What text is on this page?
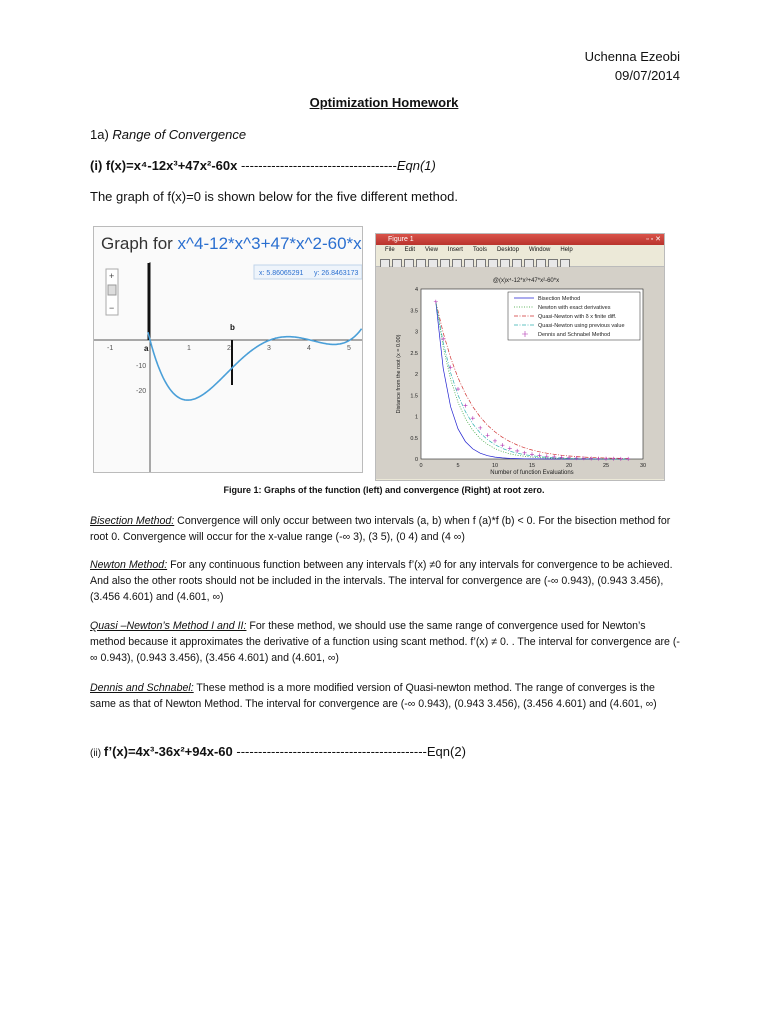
Uchenna Ezeobi
09/07/2014
Optimization Homework
1a) Range of Convergence
(i) f(x)=x⁴-12x³+47x²-60x ------------------------------------Eqn(1)
The graph of f(x)=0 is shown below for the five different method.
Graph for x^4-12*x^3+47*x^2-60*x
x: 5.86065291 y: 26.8463173
+
−
-1	1	2	3	4	5
-10
-20
a
b
Figure 1	▫ ▫ ✕
File Edit View Insert Tools Desktop Window Help
@(x)x⁴-12*x³+47*x²-60*x
0
0.5
1
1.5
2
2.5
3
3.5
4
0	5	10	15	20	25	30
Number of function Evaluations
Distance from the root (x = 0.00)
Bisection Method
Newton with exact derivatives
Quasi-Newton with δ x finite diff.
Quasi-Newton using previous value
Dennis and Schnabel Method
Figure 1: Graphs of the function (left) and convergence (Right) at root zero.
Bisection Method: Convergence will only occur between two intervals (a, b) when f (a)*f (b) < 0. For the bisection method for root 0. Convergence will occur for the x-value range (-∞ 3), (3 5), (0 4) and (4 ∞)
Newton Method: For any continuous function between any intervals f’(x) ≠0 for any intervals for convergence to be achieved. And also the other roots should not be included in the intervals. The interval for convergence are (-∞ 0.943), (0.943 3.456), (3.456 4.601) and (4.601, ∞)
Quasi –Newton’s Method I and II: For these method, we should use the same range of convergence used for Newton’s method because it approximates the derivative of a function using scant method. f’(x) ≠ 0. . The interval for convergence are (-∞ 0.943), (0.943 3.456), (3.456 4.601) and (4.601, ∞)
Dennis and Schnabel: These method is a more modified version of Quasi-newton method. The range of converges is the same as that of Newton Method. The interval for convergence are (-∞ 0.943), (0.943 3.456), (3.456 4.601) and (4.601, ∞)
(ii) f’(x)=4x³-36x²+94x-60 --------------------------------------------Eqn(2)
